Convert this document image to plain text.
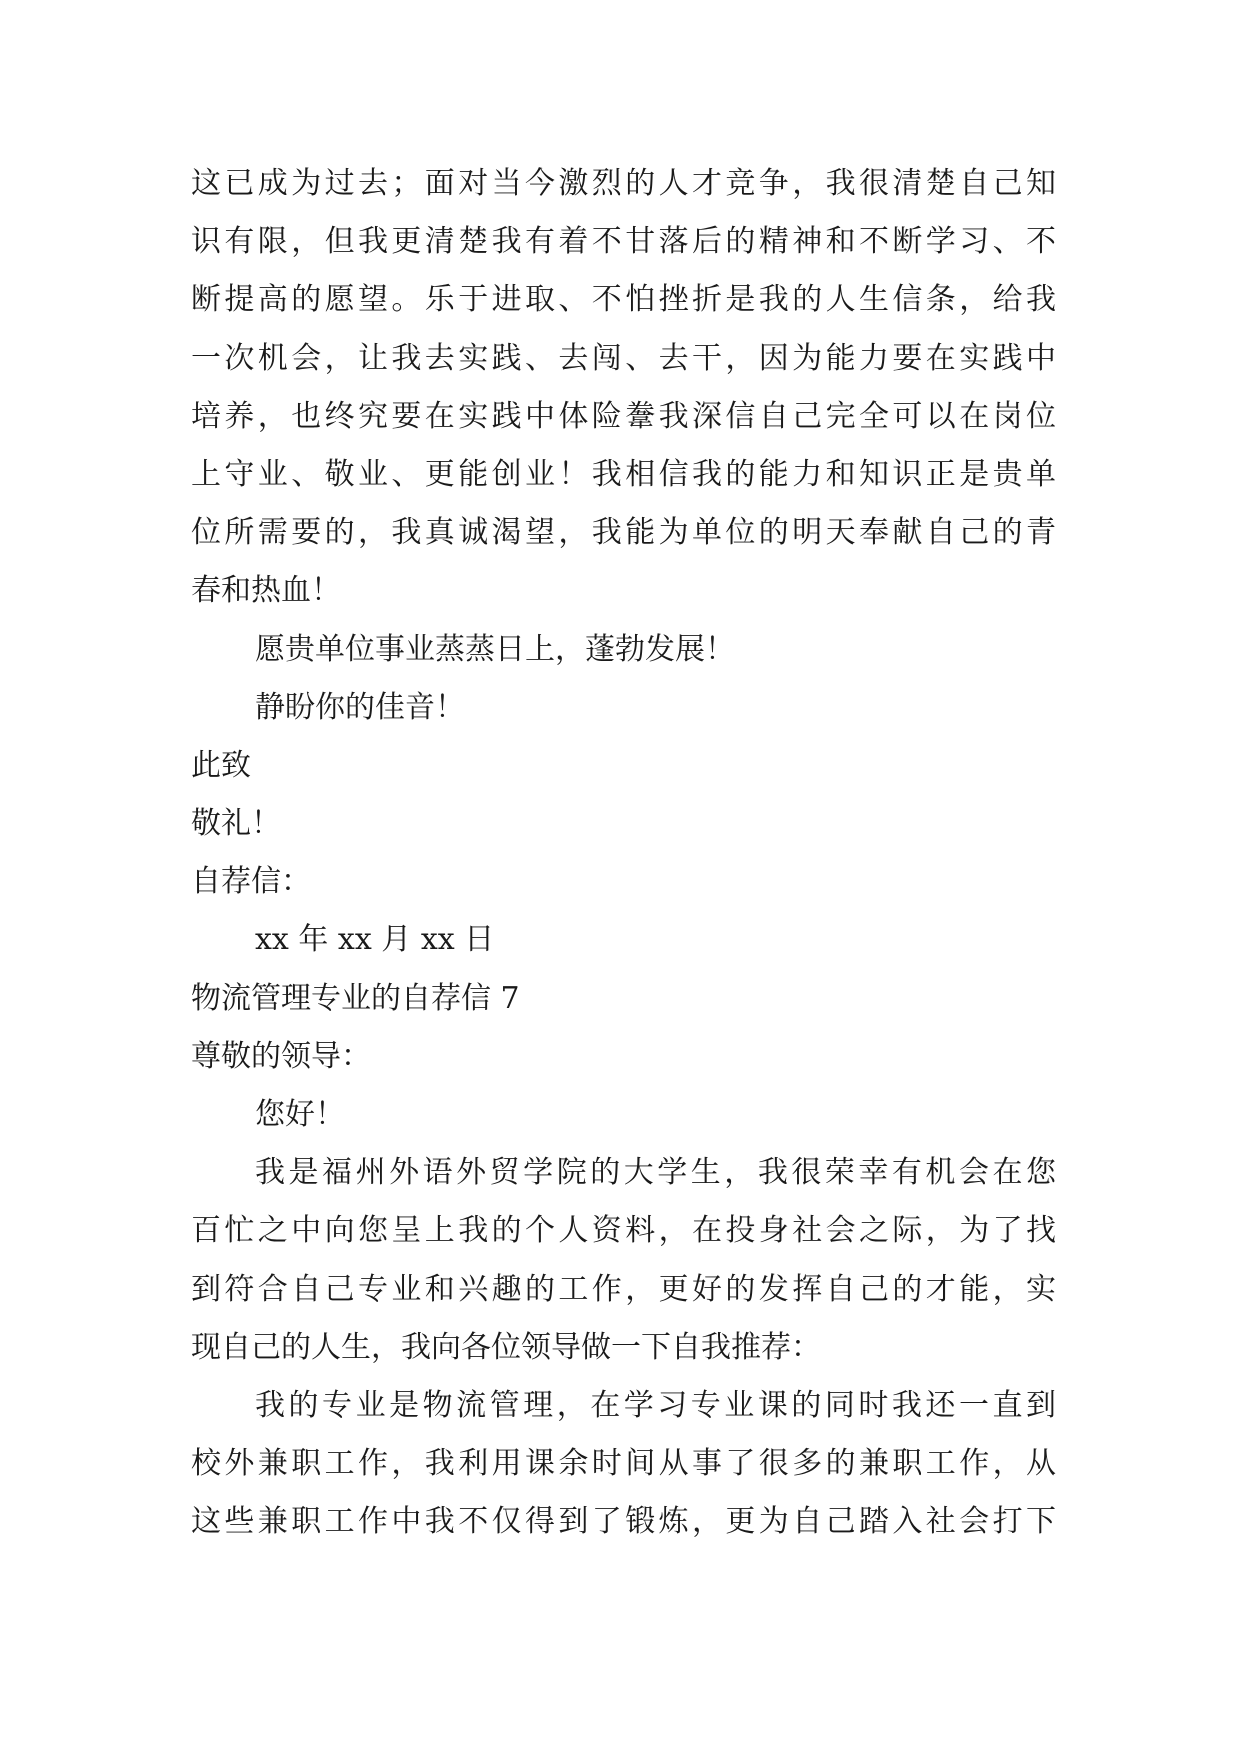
这已成为过去；面对当今激烈的人才竞争，我很清楚自己知
识有限，但我更清楚我有着不甘落后的精神和不断学习、不
断提高的愿望。乐于进取、不怕挫折是我的人生信条，给我
一次机会，让我去实践、去闯、去干，因为能力要在实践中
培养，也终究要在实践中体险韏我深信自己完全可以在岗位
上守业、敬业、更能创业！我相信我的能力和知识正是贵单
位所需要的，我真诚渴望，我能为单位的明天奉献自己的青
春和热血！
愿贵单位事业蒸蒸日上，蓬勃发展！
静盼你的佳音！
此致
敬礼！
自荐信：
xx 年 xx 月 xx 日
物流管理专业的自荐信 7
尊敬的领导：
您好！
我是福州外语外贸学院的大学生，我很荣幸有机会在您
百忙之中向您呈上我的个人资料，在投身社会之际，为了找
到符合自己专业和兴趣的工作，更好的发挥自己的才能，实
现自己的人生，我向各位领导做一下自我推荐：
我的专业是物流管理，在学习专业课的同时我还一直到
校外兼职工作，我利用课余时间从事了很多的兼职工作，从
这些兼职工作中我不仅得到了锻炼，更为自己踏入社会打下
